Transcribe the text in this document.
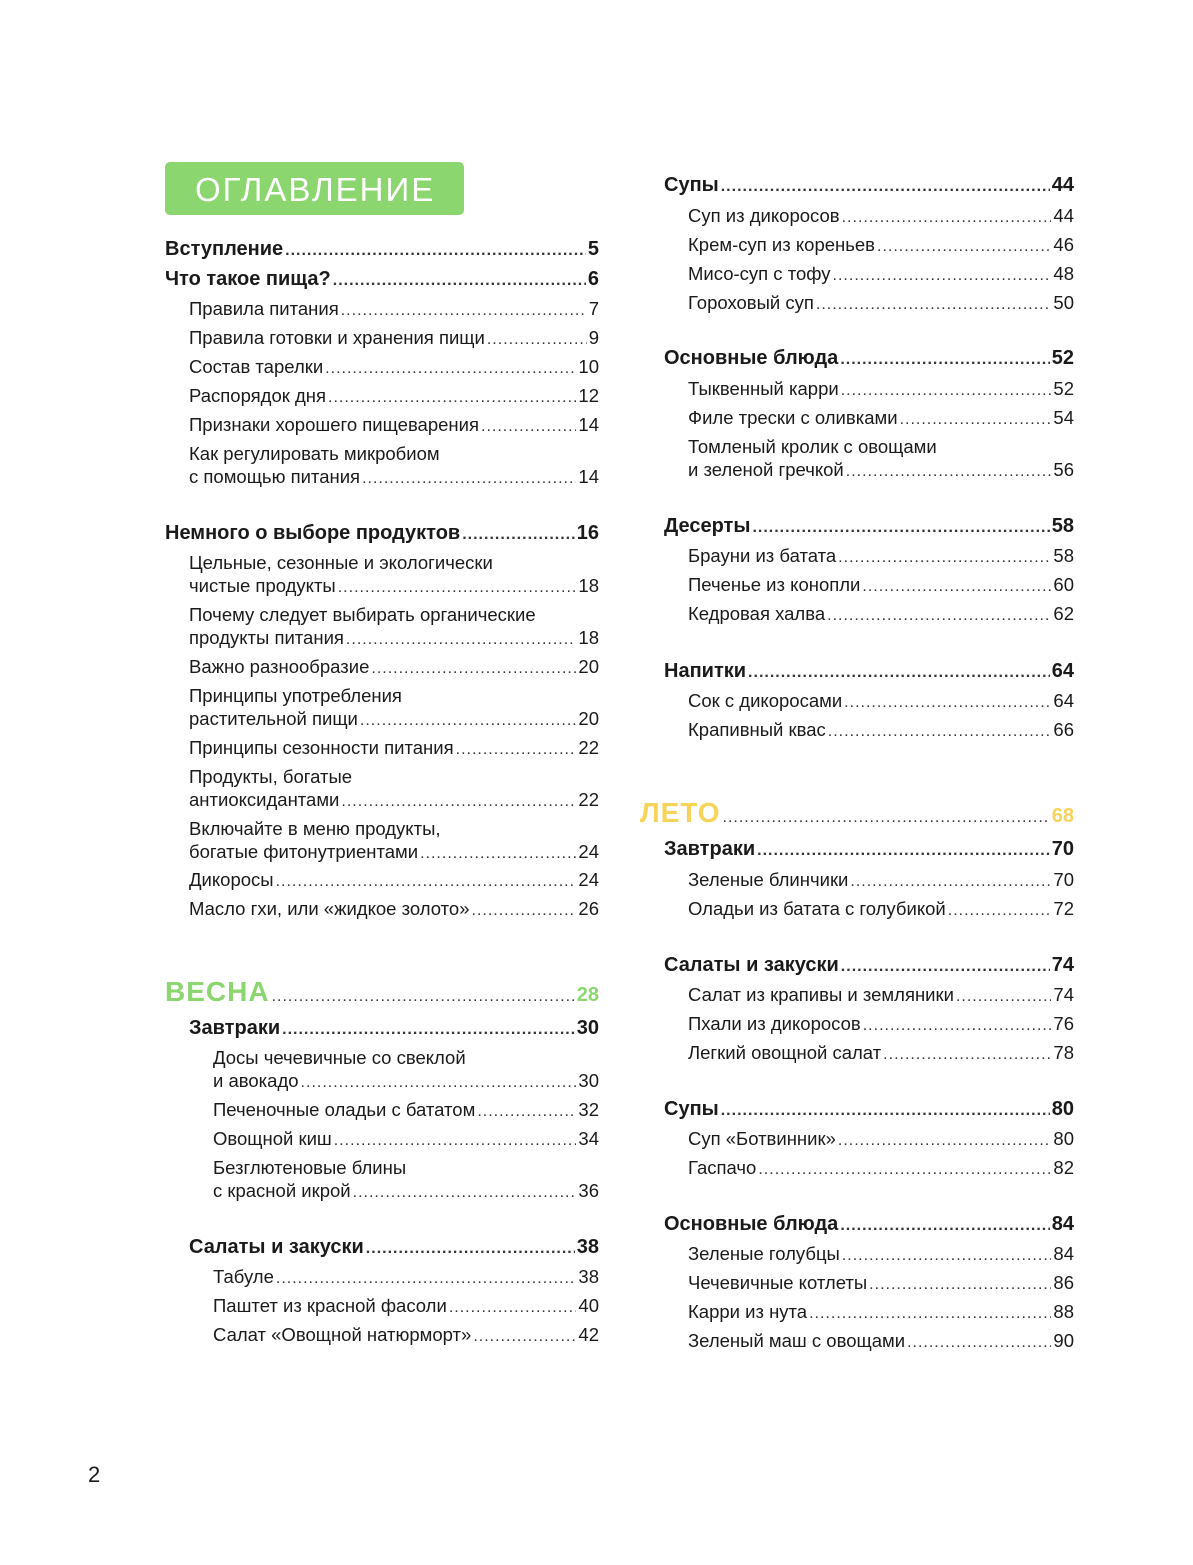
ОГЛАВЛЕНИЕ
Вступление .....	5
Что такое пища? .....	6
Правила питания .....	7
Правила готовки и хранения пищи .....	9
Состав тарелки .....	10
Распорядок дня .....	12
Признаки хорошего пищеварения .....	14
Как регулировать микробиом
с помощью питания .....	14
Немного о выборе продуктов .....	16
Цельные, сезонные и экологически
чистые продукты .....	18
Почему следует выбирать органические
продукты питания .....	18
Важно разнообразие .....	20
Принципы употребления
растительной пищи .....	20
Принципы сезонности питания .....	22
Продукты, богатые
антиоксидантами .....	22
Включайте в меню продукты,
богатые фитонутриентами .....	24
Дикоросы .....	24
Масло гхи, или «жидкое золото» .....	26
ВЕСНА .....	28
Завтраки .....	30
Досы чечевичные со свеклой
и авокадо .....	30
Печеночные оладьи с бататом .....	32
Овощной киш .....	34
Безглютеновые блины
с красной икрой .....	36
Салаты и закуски .....	38
Табуле .....	38
Паштет из красной фасоли .....	40
Салат «Овощной натюрморт» .....	42
Супы .....	44
Суп из дикоросов .....	44
Крем-суп из кореньев .....	46
Мисо-суп с тофу .....	48
Гороховый суп .....	50
Основные блюда .....	52
Тыквенный карри .....	52
Филе трески с оливками .....	54
Томленый кролик с овощами
и зеленой гречкой .....	56
Десерты .....	58
Брауни из батата .....	58
Печенье из конопли .....	60
Кедровая халва .....	62
Напитки .....	64
Сок с дикоросами .....	64
Крапивный квас .....	66
ЛЕТО .....	68
Завтраки .....	70
Зеленые блинчики .....	70
Оладьи из батата с голубикой .....	72
Салаты и закуски .....	74
Салат из крапивы и земляники .....	74
Пхали из дикоросов .....	76
Легкий овощной салат .....	78
Супы .....	80
Суп «Ботвинник» .....	80
Гаспачо .....	82
Основные блюда .....	84
Зеленые голубцы .....	84
Чечевичные котлеты .....	86
Карри из нута .....	88
Зеленый маш с овощами .....	90
2
